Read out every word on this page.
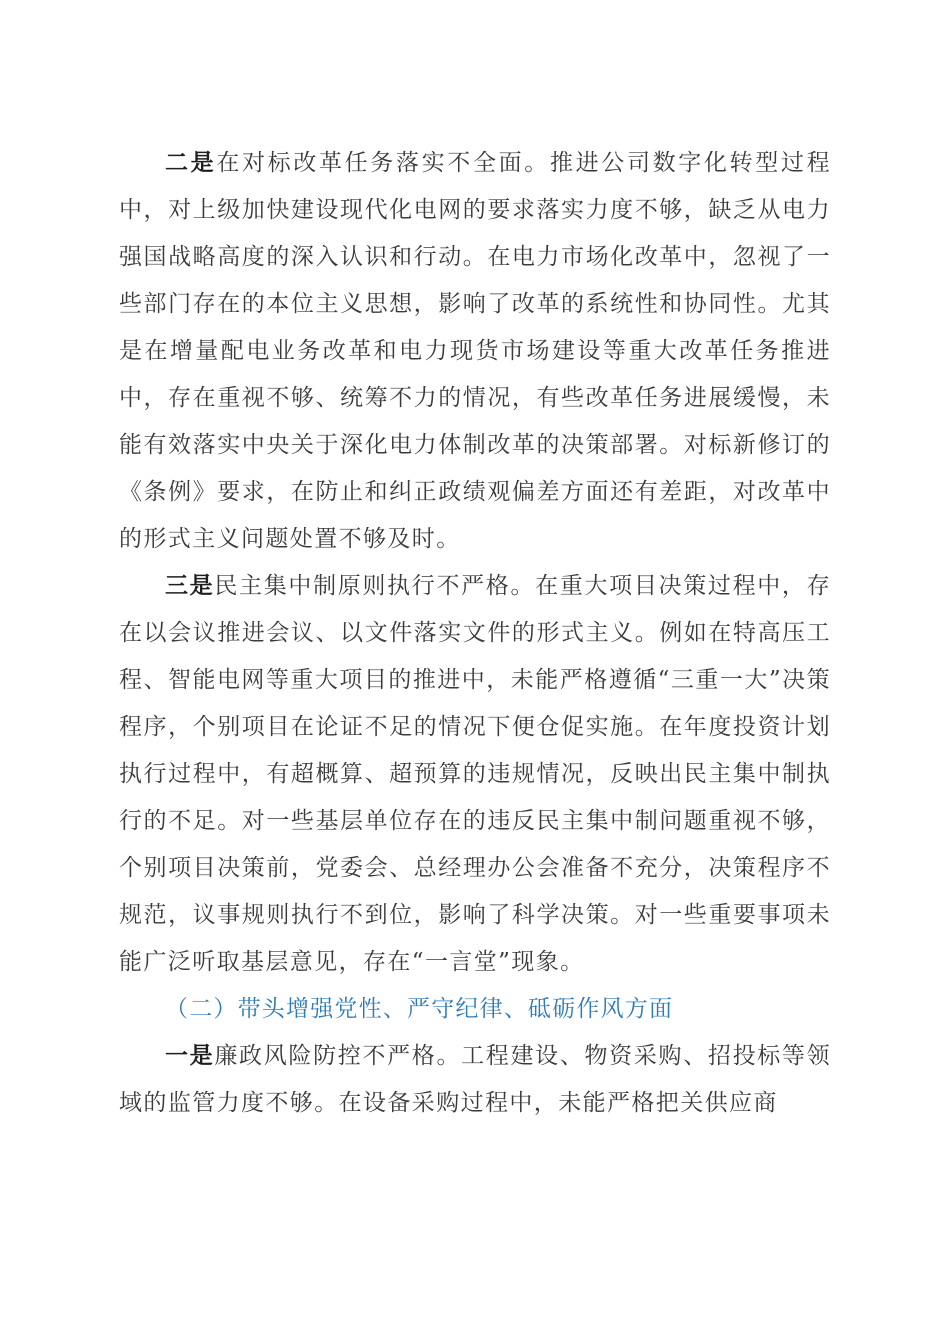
二是在对标改革任务落实不全面。推进公司数字化转型过程中，对上级加快建设现代化电网的要求落实力度不够，缺乏从电力强国战略高度的深入认识和行动。在电力市场化改革中，忽视了一些部门存在的本位主义思想，影响了改革的系统性和协同性。尤其是在增量配电业务改革和电力现货市场建设等重大改革任务推进中，存在重视不够、统筹不力的情况，有些改革任务进展缓慢，未能有效落实中央关于深化电力体制改革的决策部署。对标新修订的《条例》要求，在防止和纠正政绩观偏差方面还有差距，对改革中的形式主义问题处置不够及时。

三是民主集中制原则执行不严格。在重大项目决策过程中，存在以会议推进会议、以文件落实文件的形式主义。例如在特高压工程、智能电网等重大项目的推进中，未能严格遵循“三重一大”决策程序，个别项目在论证不足的情况下便仓促实施。在年度投资计划执行过程中，有超概算、超预算的违规情况，反映出民主集中制执行的不足。对一些基层单位存在的违反民主集中制问题重视不够，个别项目决策前，党委会、总经理办公会准备不充分，决策程序不规范，议事规则执行不到位，影响了科学决策。对一些重要事项未能广泛听取基层意见，存在“一言堂”现象。

（二）带头增强党性、严守纪律、砥砺作风方面

一是廉政风险防控不严格。工程建设、物资采购、招投标等领域的监管力度不够。在设备采购过程中，未能严格把关供应商
